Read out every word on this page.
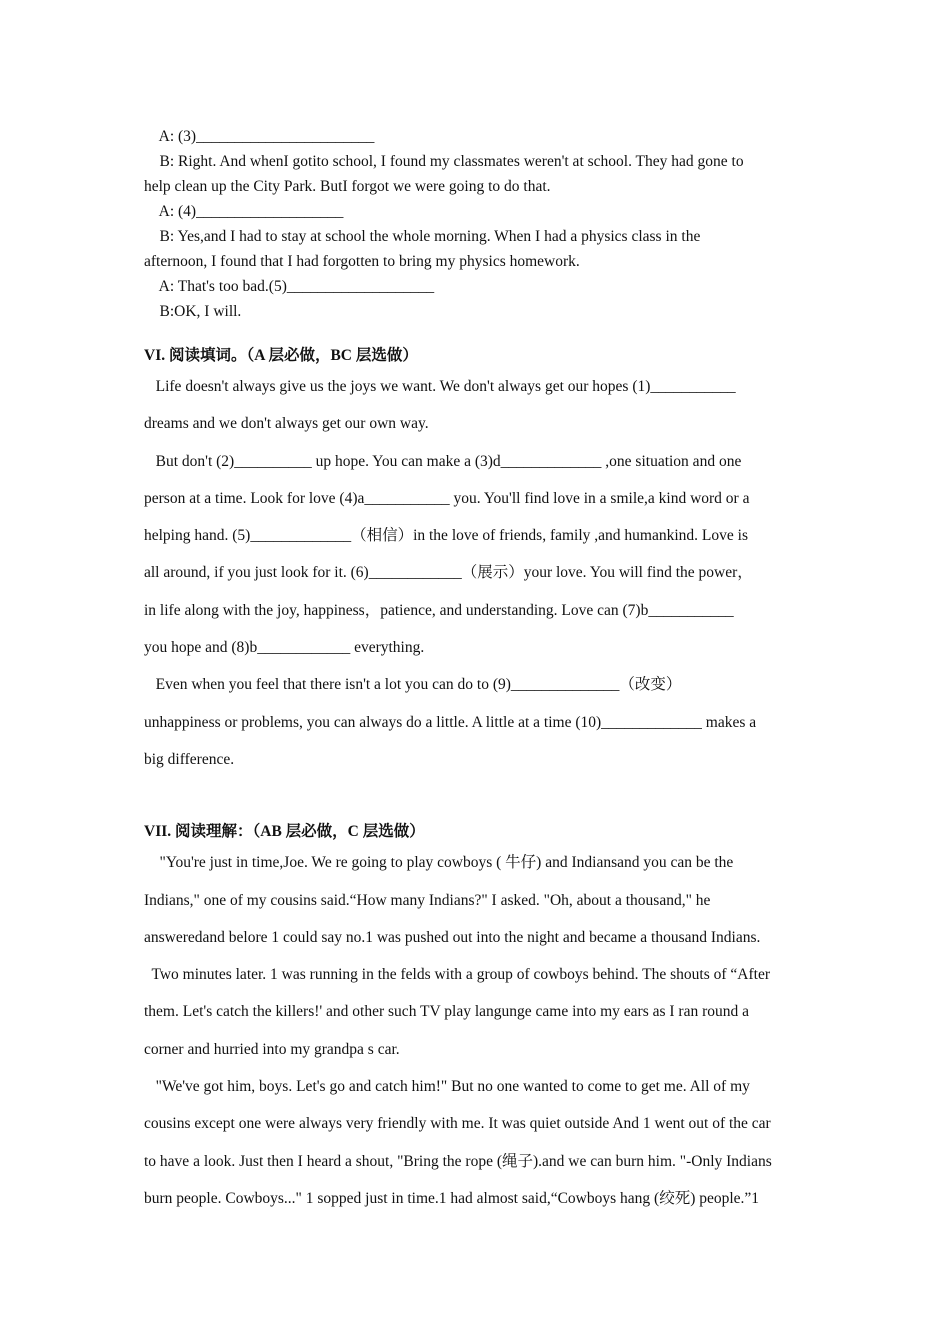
A: (3)_______________________
B: Right. And whenI gotito school, I found my classmates weren't at school. They had gone to
help clean up the City Park. ButI forgot we were going to do that.
A: (4)___________________
B: Yes,and I had to stay at school the whole morning. When I had a physics class in the
afternoon, I found that I had forgotten to bring my physics homework.
A: That's too bad.(5)___________________
B:OK, I will.
VI. 阅读填词。（A 层必做，BC 层选做）
Life doesn't always give us the joys we want. We don't always get our hopes (1)___________
dreams and we don't always get our own way.
But don't (2)__________ up hope. You can make a (3)d_____________ ,one situation and one
person at a time. Look for love (4)a___________ you. You'll find love in a smile,a kind word or a
helping hand. (5)_____________（相信）in the love of friends, family ,and humankind. Love is
all around, if you just look for it. (6)____________（展示）your love. You will find the power，
in life along with the joy, happiness，patience, and understanding. Love can (7)b___________
you hope and (8)b____________ everything.
Even when you feel that there isn't a lot you can do to (9)______________（改变）
unhappiness or problems, you can always do a little. A little at a time (10)_____________ makes a
big difference.
VII. 阅读理解：（AB 层必做，C 层选做）
"You're just in time,Joe. We re going to play cowboys ( 牛仔) and Indiansand you can be the
Indians," one of my cousins said.“How many Indians?" I asked. "Oh, about a thousand," he
answeredand belore 1 could say no.1 was pushed out into the night and became a thousand Indians.
Two minutes later. 1 was running in the felds with a group of cowboys behind. The shouts of “After
them. Let's catch the killers!' and other such TV play langunge came into my ears as I ran round a
corner and hurried into my grandpa s car.
"We've got him, boys. Let's go and catch him!" But no one wanted to come to get me. All of my
cousins except one were always very friendly with me. It was quiet outside And 1 went out of the car
to have a look. Just then I heard a shout, "Bring the rope (绳子).and we can burn him. "-Only Indians
burn people. Cowboys..." 1 sopped just in time.1 had almost said,“Cowboys hang (绞死) people.”1
